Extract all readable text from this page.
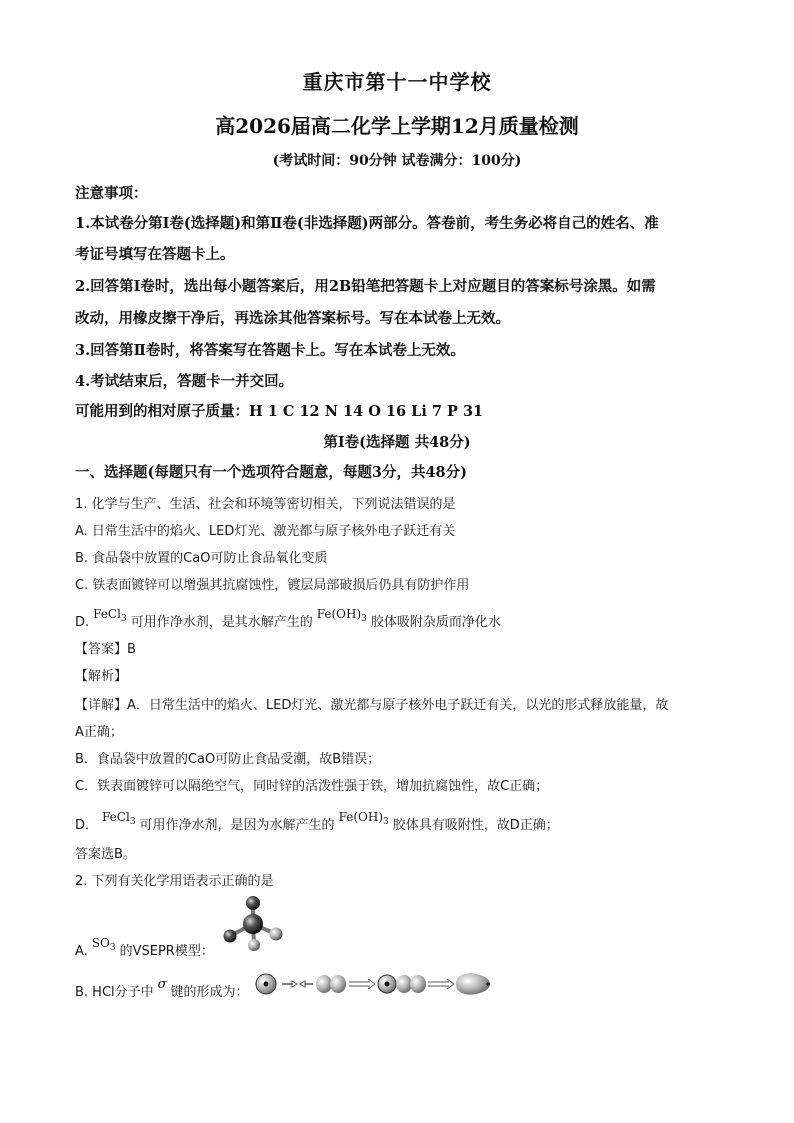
重庆市第十一中学校
高2026届高二化学上学期12月质量检测
(考试时间：90分钟 试卷满分：100分)
注意事项：
1.本试卷分第Ⅰ卷(选择题)和第Ⅱ卷(非选择题)两部分。答卷前，考生务必将自己的姓名、准
考证号填写在答题卡上。
2.回答第Ⅰ卷时，选出每小题答案后，用2B铅笔把答题卡上对应题目的答案标号涂黑。如需
改动，用橡皮擦干净后，再选涂其他答案标号。写在本试卷上无效。
3.回答第Ⅱ卷时，将答案写在答题卡上。写在本试卷上无效。
4.考试结束后，答题卡一并交回。
可能用到的相对原子质量：H 1 C 12 N 14 O 16 Li 7 P 31
第Ⅰ卷(选择题 共48分)
一、选择题(每题只有一个选项符合题意，每题3分，共48分)
1. 化学与生产、生活、社会和环境等密切相关，下列说法错误的是
A. 日常生活中的焰火、LED灯光、激光都与原子核外电子跃迁有关
B. 食品袋中放置的CaO可防止食品氧化变质
C. 铁表面镀锌可以增强其抗腐蚀性，镀层局部破损后仍具有防护作用
D.FeCl$_3$ 可用作净水剂，是其水解产生的$Fe(OH)_3$ 胶体吸附杂质而净化水
【答案】B
【解析】
【详解】A．日常生活中的焰火、LED灯光、激光都与原子核外电子跃迁有关，以光的形式释放能量，故
A正确；
B．食品袋中放置的CaO可防止食品受潮，故B错误；
C．铁表面镀锌可以隔绝空气，同时锌的活泼性强于铁，增加抗腐蚀性，故C正确；
D．FeCl$_3$ 可用作净水剂，是因为水解产生的$Fe(OH)_3$ 胶体具有吸附性，故D正确；
答案选B。
2. 下列有关化学用语表示正确的是
$A.SO_3$ 的VSEPR模型：
B. HCl分子中σ键的形成为：
